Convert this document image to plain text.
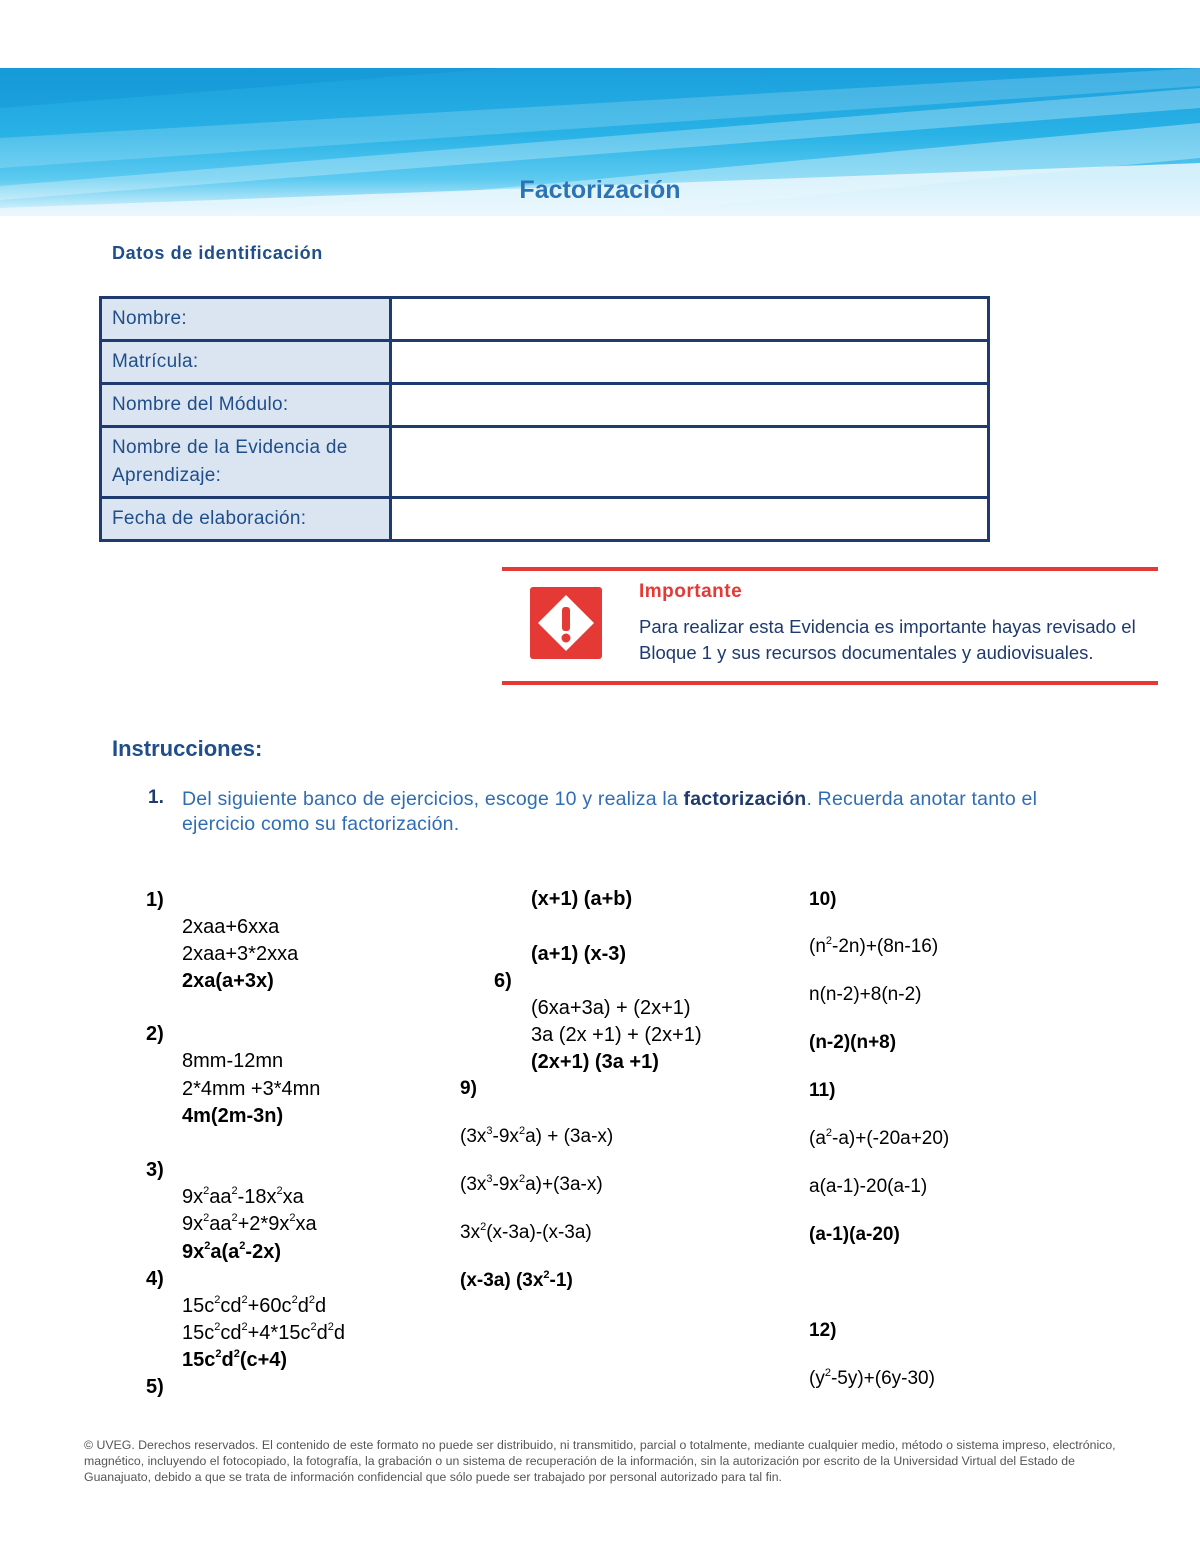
Factorización
Datos de identificación
Nombre:	
Matrícula:	
Nombre del Módulo:	
Nombre de la Evidencia de Aprendizaje:	
Fecha de elaboración:	
Importante
Para realizar esta Evidencia es importante hayas revisado el Bloque 1 y sus recursos documentales y audiovisuales.
Instrucciones:
1. Del siguiente banco de ejercicios, escoge 10 y realiza la factorización. Recuerda anotar tanto el ejercicio como su factorización.
1)
2xaa+6xxa
2xaa+3*2xxa
2xa(a+3x)
2)
8mm-12mn
2*4mm +3*4mn
4m(2m-3n)
3)
$9x^2aa^2-18x^2xa$
$9x^2aa^2+2*9x^2xa$
$9x^2a(a^2-2x)$
4)
$15c^2cd^2+60c^2d^2d$
$15c^2cd^2+4*15c^2d^2d$
$15c^2d^2(c+4)$
5)
(x+1) (a+b)
(a+1) (x-3)
6)
(6xa+3a) + (2x+1)
3a (2x +1) + (2x+1)
(2x+1) (3a +1)
9)
$(3x^3-9x^2a) + (3a-x)$
$(3x^3-9x^2a)+(3a-x)$
$3x^2(x-3a)-(x-3a)$
(x-3a) $(3x^2-1)$
10)
$(n^2-2n)+(8n-16)$
n(n-2)+8(n-2)
(n-2)(n+8)
11)
$(a^2-a)+(-20a+20)$
a(a-1)-20(a-1)
(a-1)(a-20)
12)
$(y^2-5y)+(6y-30)$

© UVEG. Derechos reservados. El contenido de este formato no puede ser distribuido, ni transmitido, parcial o totalmente, mediante cualquier medio, método o sistema impreso, electrónico, magnético, incluyendo el fotocopiado, la fotografía, la grabación o un sistema de recuperación de la información, sin la autorización por escrito de la Universidad Virtual del Estado de Guanajuato, debido a que se trata de información confidencial que sólo puede ser trabajado por personal autorizado para tal fin.
